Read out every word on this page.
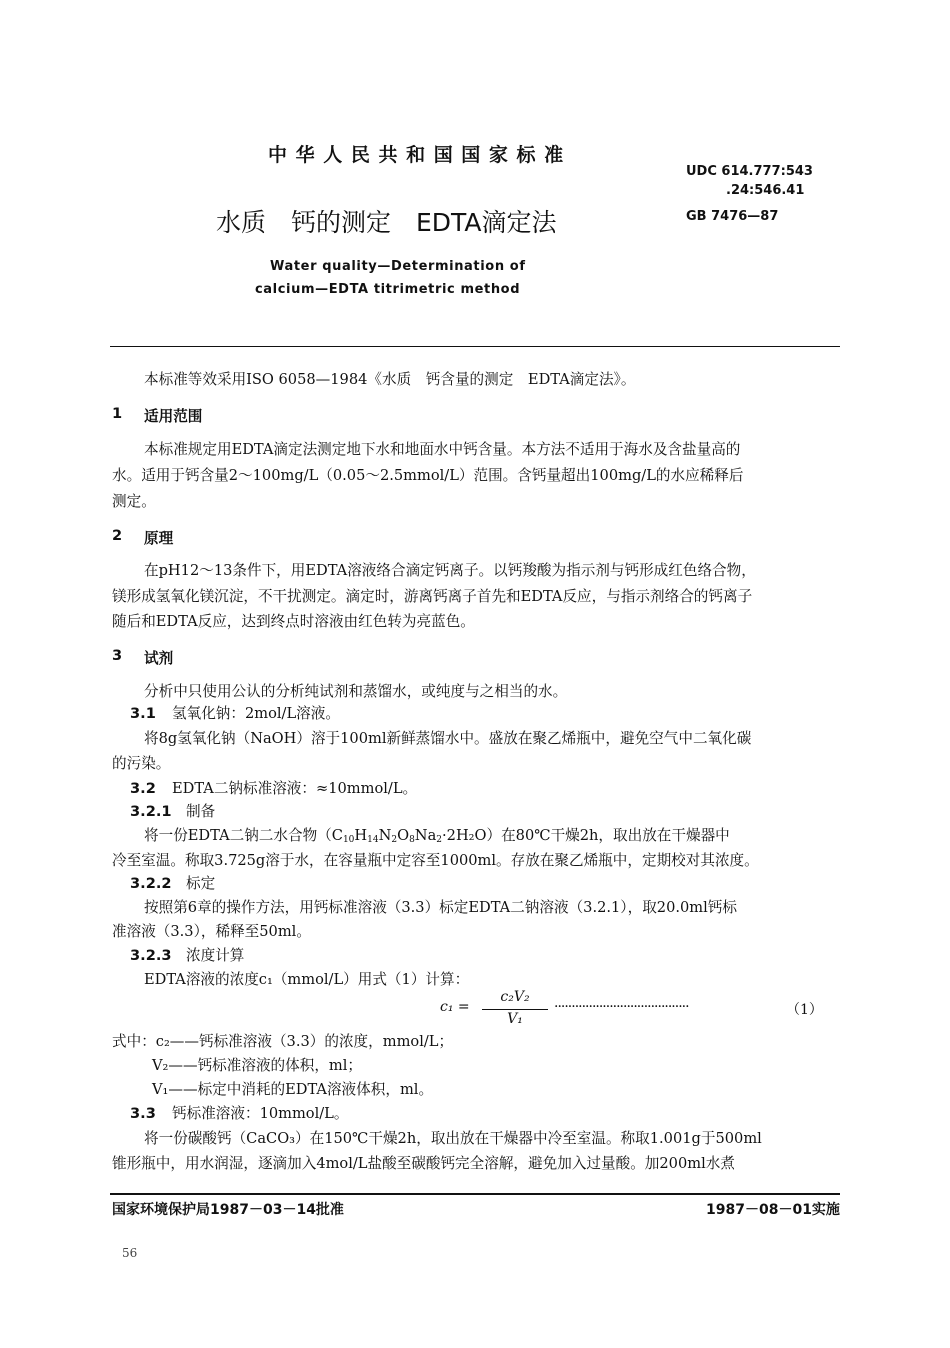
中 华 人 民 共 和 国 国 家 标 准
UDC 614.777:543
.24:546.41
GB 7476—87
水质　钙的测定　EDTA滴定法
Water quality—Determination of
calcium—EDTA titrimetric method
本标准等效采用ISO 6058—1984《水质　钙含量的测定　EDTA滴定法》。
1 适用范围
本标准规定用EDTA滴定法测定地下水和地面水中钙含量。本方法不适用于海水及含盐量高的
水。适用于钙含量2～100mg/L（0.05～2.5mmol/L）范围。含钙量超出100mg/L的水应稀释后
测定。
2 原理
在pH12～13条件下，用EDTA溶液络合滴定钙离子。以钙羧酸为指示剂与钙形成红色络合物，
镁形成氢氧化镁沉淀，不干扰测定。滴定时，游离钙离子首先和EDTA反应，与指示剂络合的钙离子
随后和EDTA反应，达到终点时溶液由红色转为亮蓝色。
3 试剂
分析中只使用公认的分析纯试剂和蒸馏水，或纯度与之相当的水。
3.1 氢氧化钠：2mol/L溶液。
将8g氢氧化钠（NaOH）溶于100ml新鲜蒸馏水中。盛放在聚乙烯瓶中，避免空气中二氧化碳
的污染。
3.2 EDTA二钠标准溶液：≈10mmol/L。
3.2.1 制备
将一份EDTA二钠二水合物$(C_{10}H_{14}N_2O_8Na_2\cdot 2H_2O)$在80℃干燥2h，取出放在干燥器中
冷至室温。称取3.725g溶于水，在容量瓶中定容至1000ml。存放在聚乙烯瓶中，定期校对其浓度。
3.2.2 标定
按照第6章的操作方法，用钙标准溶液（3.3）标定EDTA二钠溶液（3.2.1），取20.0ml钙标
准溶液（3.3），稀释至50ml。
3.2.3 浓度计算
EDTA溶液的浓度c₁（mmol/L）用式（1）计算：
c₁ =
c₂V₂
V₁
·······································	（1）
式中：c₂——钙标准溶液（3.3）的浓度，mmol/L；
V₂——钙标准溶液的体积，ml；
V₁——标定中消耗的EDTA溶液体积，ml。
3.3 钙标准溶液：10mmol/L。
将一份碳酸钙（CaCO₃）在150℃干燥2h，取出放在干燥器中冷至室温。称取1.001g于500ml
锥形瓶中，用水润湿，逐滴加入4mol/L盐酸至碳酸钙完全溶解，避免加入过量酸。加200ml水煮
国家环境保护局1987－03－14批准	1987－08－01实施
56
